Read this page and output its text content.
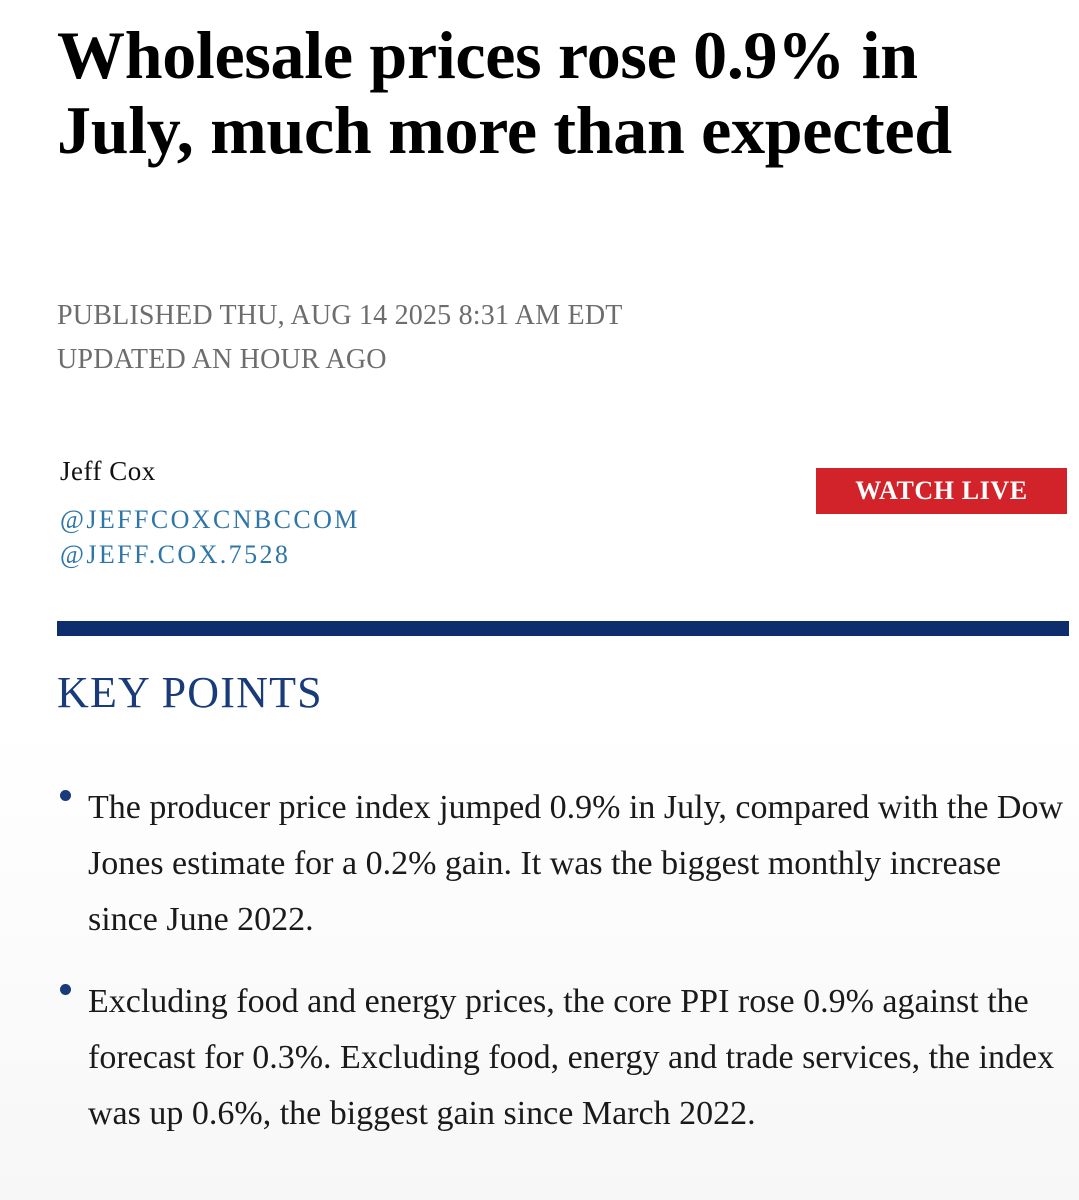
Wholesale prices rose 0.9% in July, much more than expected
PUBLISHED THU, AUG 14 2025 8:31 AM EDT
UPDATED AN HOUR AGO
Jeff Cox
@JEFFCOXCNBCCOM
@JEFF.COX.7528
WATCH LIVE
KEY POINTS
The producer price index jumped 0.9% in July, compared with the Dow Jones estimate for a 0.2% gain. It was the biggest monthly increase since June 2022.
Excluding food and energy prices, the core PPI rose 0.9% against the forecast for 0.3%. Excluding food, energy and trade services, the index was up 0.6%, the biggest gain since March 2022.
